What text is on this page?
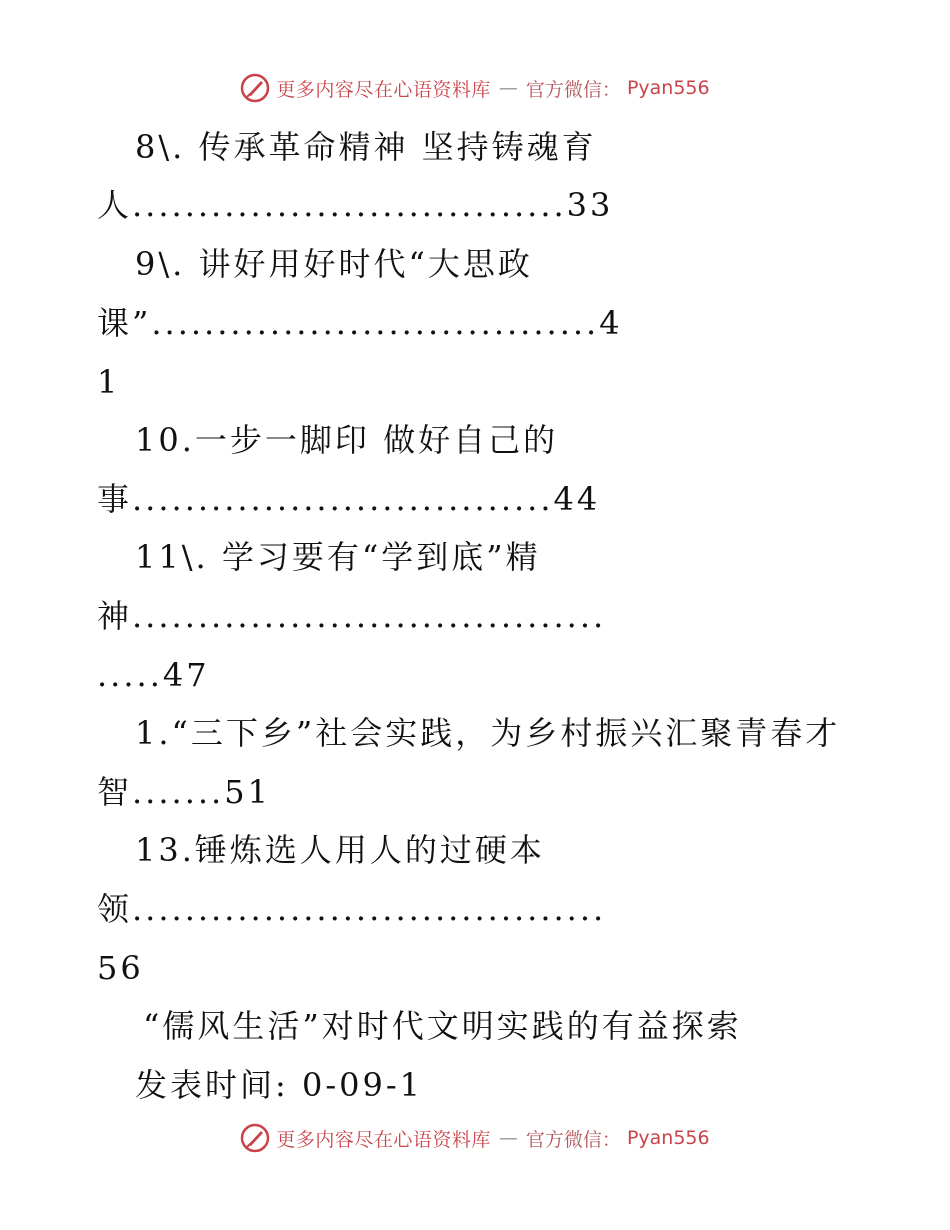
更多内容尽在心语资料库 — 官方微信： Pyan556
8\. 传承革命精神 坚持铸魂育
人.................................33
9\. 讲好用好时代“大思政
课”..................................4
1
10.一步一脚印 做好自己的
事................................44
11\. 学习要有“学到底”精
神....................................
.....47
1.“三下乡”社会实践，为乡村振兴汇聚青春才
智.......51
13.锤炼选人用人的过硬本
领....................................
56
“儒风生活”对时代文明实践的有益探索
发表时间: 0-09-1
更多内容尽在心语资料库 — 官方微信： Pyan556
